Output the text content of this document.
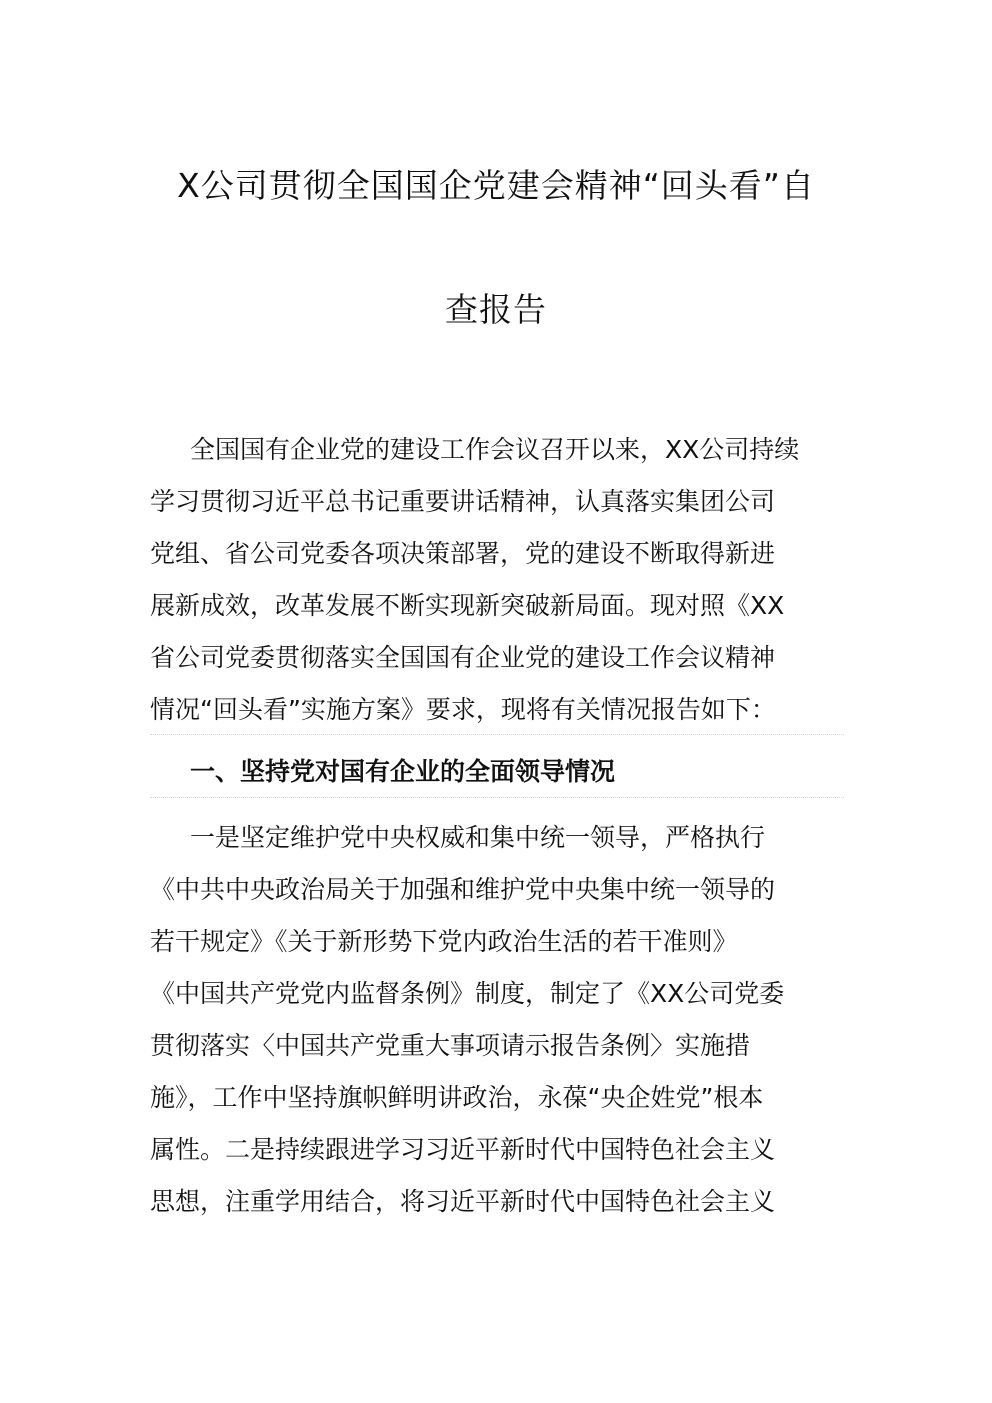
X公司贯彻全国国企党建会精神“回头看”自
查报告
全国国有企业党的建设工作会议召开以来，XX公司持续
学习贯彻习近平总书记重要讲话精神，认真落实集团公司
党组、省公司党委各项决策部署，党的建设不断取得新进
展新成效，改革发展不断实现新突破新局面。现对照《XX
省公司党委贯彻落实全国国有企业党的建设工作会议精神
情况“回头看”实施方案》要求，现将有关情况报告如下：
一、坚持党对国有企业的全面领导情况
一是坚定维护党中央权威和集中统一领导，严格执行
《中共中央政治局关于加强和维护党中央集中统一领导的
若干规定》《关于新形势下党内政治生活的若干准则》
《中国共产党党内监督条例》制度，制定了《XX公司党委
贯彻落实〈中国共产党重大事项请示报告条例〉实施措
施》，工作中坚持旗帜鲜明讲政治，永葆“央企姓党”根本
属性。二是持续跟进学习习近平新时代中国特色社会主义
思想，注重学用结合，将习近平新时代中国特色社会主义
